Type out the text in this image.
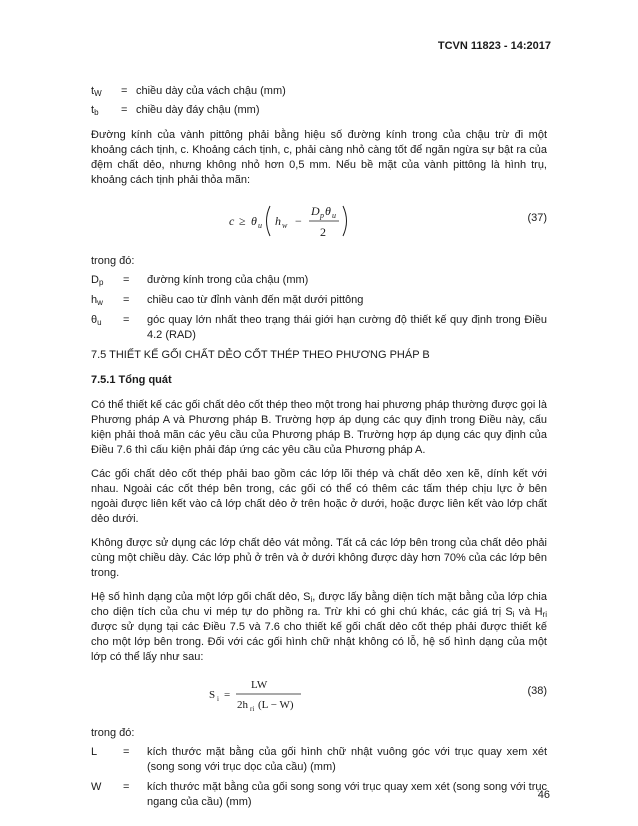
TCVN 11823 - 14:2017
$t_W$	= chiều dày của vách chậu (mm)
$t_b$	= chiều dày đáy chậu (mm)

Đường kính của vành pittông phải bằng hiệu số đường kính trong của chậu trừ đi một khoảng cách tịnh, c. Khoảng cách tịnh, c, phải càng nhỏ càng tốt để ngăn ngừa sự bật ra của đệm chất dẻo, nhưng không nhỏ hơn 0,5 mm. Nếu bề mặt của vành pittông là hình trụ, khoảng cách tịnh phải thỏa mãn:

c ≥ θ u h w −
D p θ u
2
(37)
trong đó:
$D_p$	=	đường kính trong của chậu (mm)
$h_w$	=	chiều cao từ đỉnh vành đến mặt dưới pittông
$\theta_u$	=	góc quay lớn nhất theo trạng thái giới hạn cường độ thiết kế quy định trong Điều 4.2 (RAD)
7.5 THIẾT KẾ GỐI CHẤT DẺO CỐT THÉP THEO PHƯƠNG PHÁP B
7.5.1 Tổng quát

Có thể thiết kế các gối chất dẻo cốt thép theo một trong hai phương pháp thường được gọi là Phương pháp A và Phương pháp B. Trường hợp áp dụng các quy định trong Điều này, cấu kiện phải thoả mãn các yêu cầu của Phương pháp B. Trường hợp áp dụng các quy định của Điều 7.6 thì cấu kiện phải đáp ứng các yêu cầu của Phương pháp A.

Các gối chất dẻo cốt thép phải bao gồm các lớp lõi thép và chất dẻo xen kẽ, dính kết với nhau. Ngoài các cốt thép bên trong, các gối có thể có thêm các tấm thép chịu lực ở bên ngoài được liên kết vào cả lớp chất dẻo ở trên hoặc ở dưới, hoặc được liên kết vào lớp chất dẻo dưới.

Không được sử dụng các lớp chất dẻo vát mỏng. Tất cả các lớp bên trong của chất dẻo phải cùng một chiều dày. Các lớp phủ ở trên và ở dưới không được dày hơn 70% của các lớp bên trong.

Hệ số hình dạng của một lớp gối chất dẻo, $S_i$, được lấy bằng diện tích mặt bằng của lớp chia cho diện tích của chu vi mép tự do phồng ra. Trừ khi có ghi chú khác, các giá trị $S_i$ và $H_{ri}$ được sử dụng tại các Điều 7.5 và 7.6 cho thiết kế gối chất dẻo cốt thép phải được thiết kế cho một lớp bên trong. Đối với các gối hình chữ nhật không có lỗ, hệ số hình dạng của một lớp có thể lấy như sau:

S i =
LW
2h ri (L − W)
(38)
trong đó:
L	=	kích thước mặt bằng của gối hình chữ nhật vuông góc với trục quay xem xét (song song với trục dọc của cầu) (mm)
W	=	kích thước mặt bằng của gối song song với trục quay xem xét (song song với trục ngang của cầu) (mm)
46
